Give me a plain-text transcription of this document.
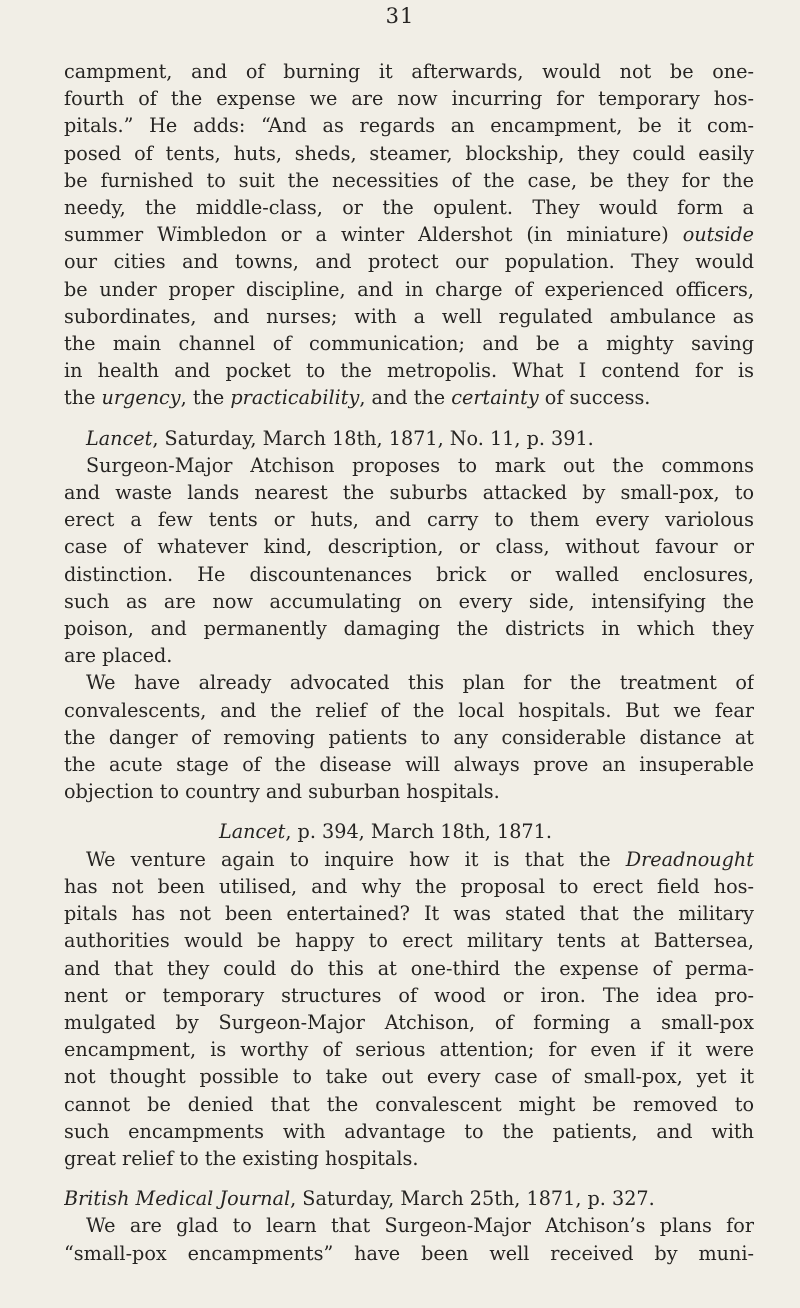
31
campment, and of burning it afterwards, would not be one-
fourth of the expense we are now incurring for temporary hos-
pitals.” He adds: “And as regards an encampment, be it com-
posed of tents, huts, sheds, steamer, blockship, they could easily
be furnished to suit the necessities of the case, be they for the
needy, the middle-class, or the opulent. They would form a
summer Wimbledon or a winter Aldershot (in miniature) outside
our cities and towns, and protect our population. They would
be under proper discipline, and in charge of experienced officers,
subordinates, and nurses; with a well regulated ambulance as
the main channel of communication; and be a mighty saving
in health and pocket to the metropolis. What I contend for is
the urgency, the practicability, and the certainty of success.
Lancet, Saturday, March 18th, 1871, No. 11, p. 391.
Surgeon-Major Atchison proposes to mark out the commons
and waste lands nearest the suburbs attacked by small-pox, to
erect a few tents or huts, and carry to them every variolous
case of whatever kind, description, or class, without favour or
distinction. He discountenances brick or walled enclosures,
such as are now accumulating on every side, intensifying the
poison, and permanently damaging the districts in which they
are placed.
We have already advocated this plan for the treatment of
convalescents, and the relief of the local hospitals. But we fear
the danger of removing patients to any considerable distance at
the acute stage of the disease will always prove an insuperable
objection to country and suburban hospitals.
Lancet, p. 394, March 18th, 1871.
We venture again to inquire how it is that the Dreadnought
has not been utilised, and why the proposal to erect field hos-
pitals has not been entertained? It was stated that the military
authorities would be happy to erect military tents at Battersea,
and that they could do this at one-third the expense of perma-
nent or temporary structures of wood or iron. The idea pro-
mulgated by Surgeon-Major Atchison, of forming a small-pox
encampment, is worthy of serious attention; for even if it were
not thought possible to take out every case of small-pox, yet it
cannot be denied that the convalescent might be removed to
such encampments with advantage to the patients, and with
great relief to the existing hospitals.
British Medical Journal, Saturday, March 25th, 1871, p. 327.
We are glad to learn that Surgeon-Major Atchison’s plans for
“small-pox encampments” have been well received by muni-
